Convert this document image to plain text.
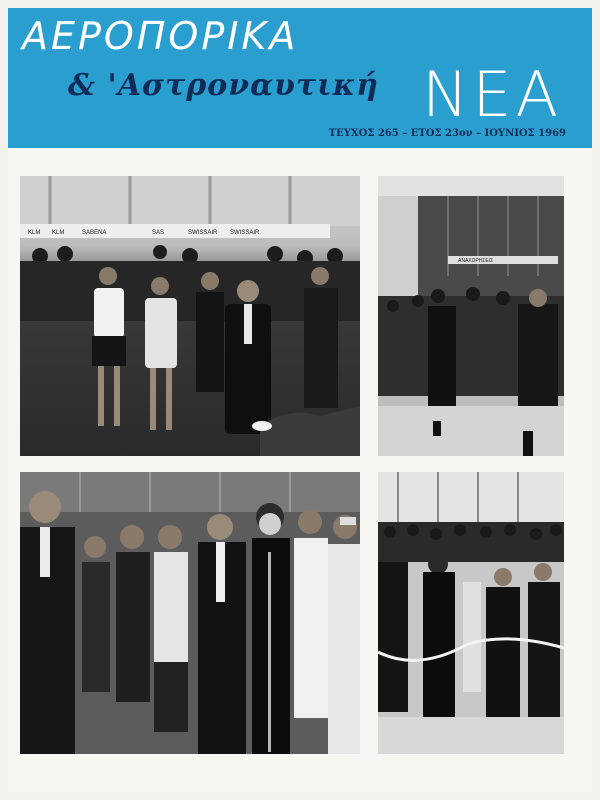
ΑΕΡΟΠΟΡΙΚΑ
& 'Αστροναυτική ΝΕΑ
ΤΕΥΧΟΣ 265 – ΕΤΟΣ 23ον – ΙΟΥΝΙΟΣ 1969
KLM KLM	SABENA	SAS	SWISSAIR SWISSAIR
ΑΝΑΧΩΡΗΣΕΙΣ
